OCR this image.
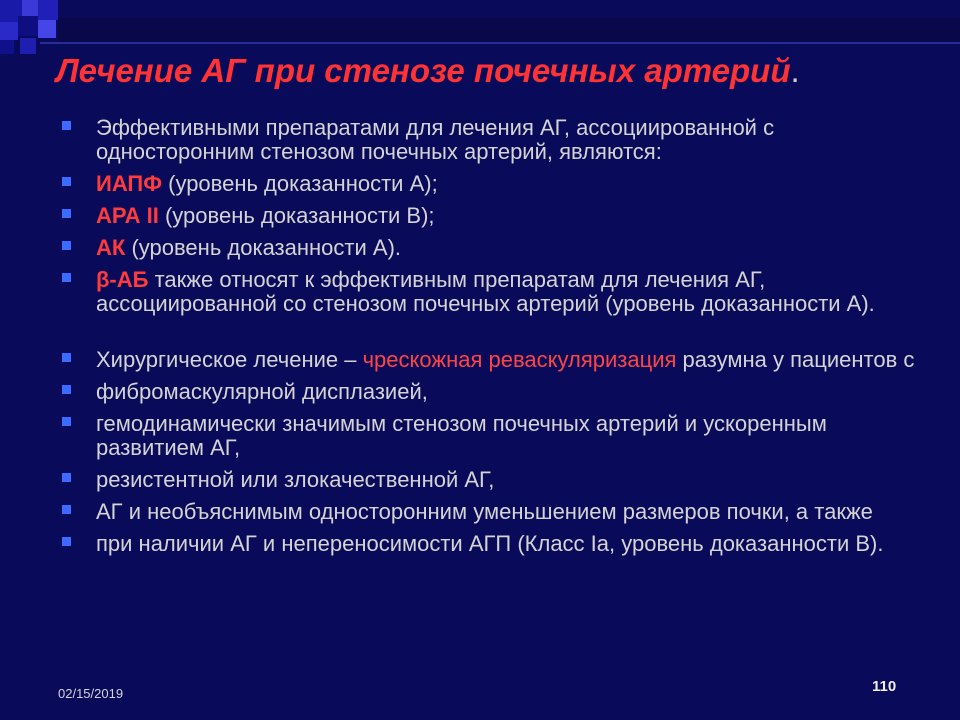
Лечение АГ при стенозе почечных артерий.
Эффективными препаратами для лечения АГ, ассоциированной с односторонним стенозом почечных артерий, являются:
ИАПФ (уровень доказанности А);
АРА II (уровень доказанности В);
АК (уровень доказанности А).
β-АБ также относят к эффективным препаратам для лечения АГ, ассоциированной со стенозом почечных артерий (уровень доказанности А).
Хирургическое лечение – чрескожная реваскуляризация разумна у пациентов с
фибромаскулярной дисплазией,
гемодинамически значимым стенозом почечных артерий и ускоренным развитием АГ,
резистентной или злокачественной АГ,
АГ и необъяснимым односторонним уменьшением размеров почки, а также
при наличии АГ и непереносимости АГП (Класс Ia, уровень доказанности В).
02/15/2019	110
